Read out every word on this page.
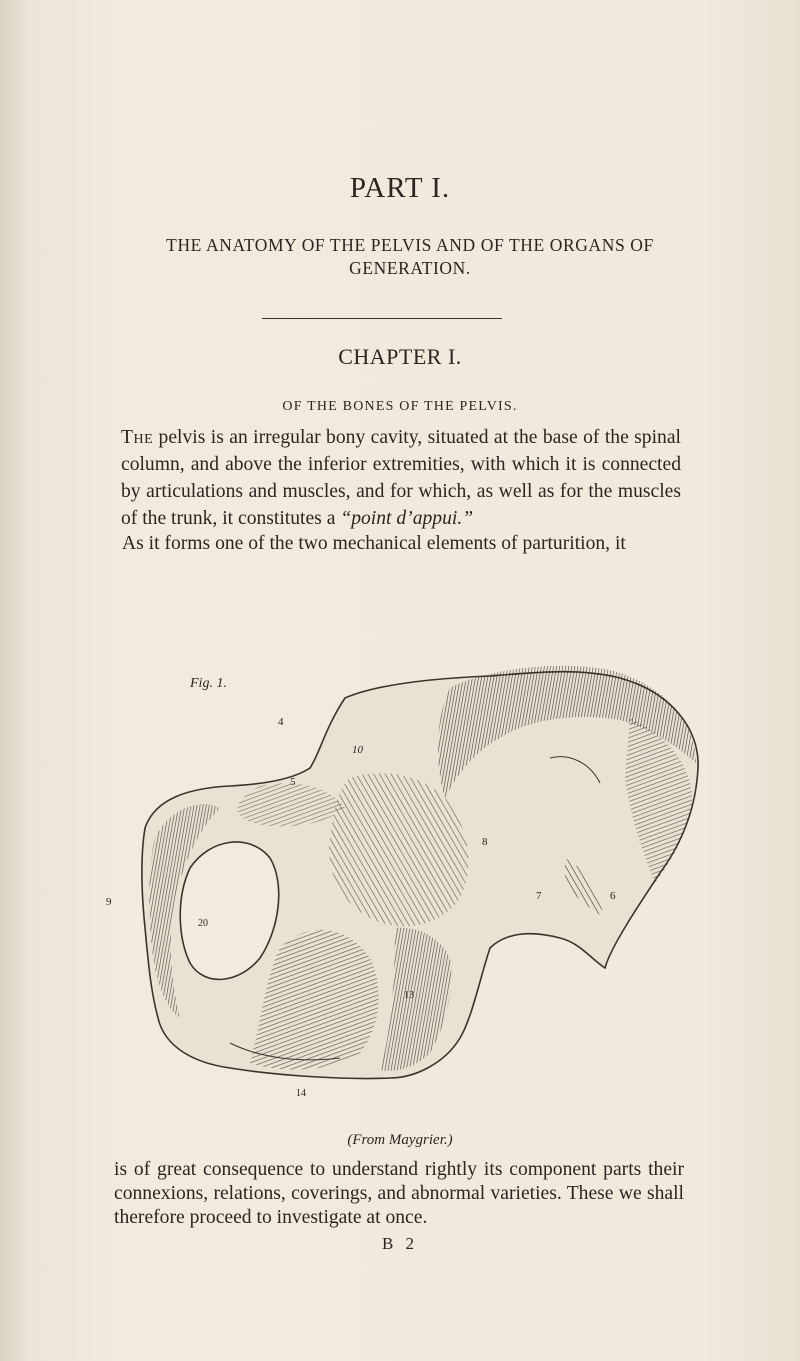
PART I.
THE ANATOMY OF THE PELVIS AND OF THE ORGANS OF GENERATION.
CHAPTER I.
OF THE BONES OF THE PELVIS.
The pelvis is an irregular bony cavity, situated at the base of the spinal column, and above the inferior extremities, with which it is connected by articulations and muscles, and for which, as well as for the muscles of the trunk, it constitutes a “point d’appui.”
As it forms one of the two mechanical elements of parturition, it
Fig. 1.
4
10
5
8
9	7	6
20
13
14
(From Maygrier.)
is of great consequence to understand rightly its component parts their connexions, relations, coverings, and abnormal varieties. These we shall therefore proceed to investigate at once.
B 2
